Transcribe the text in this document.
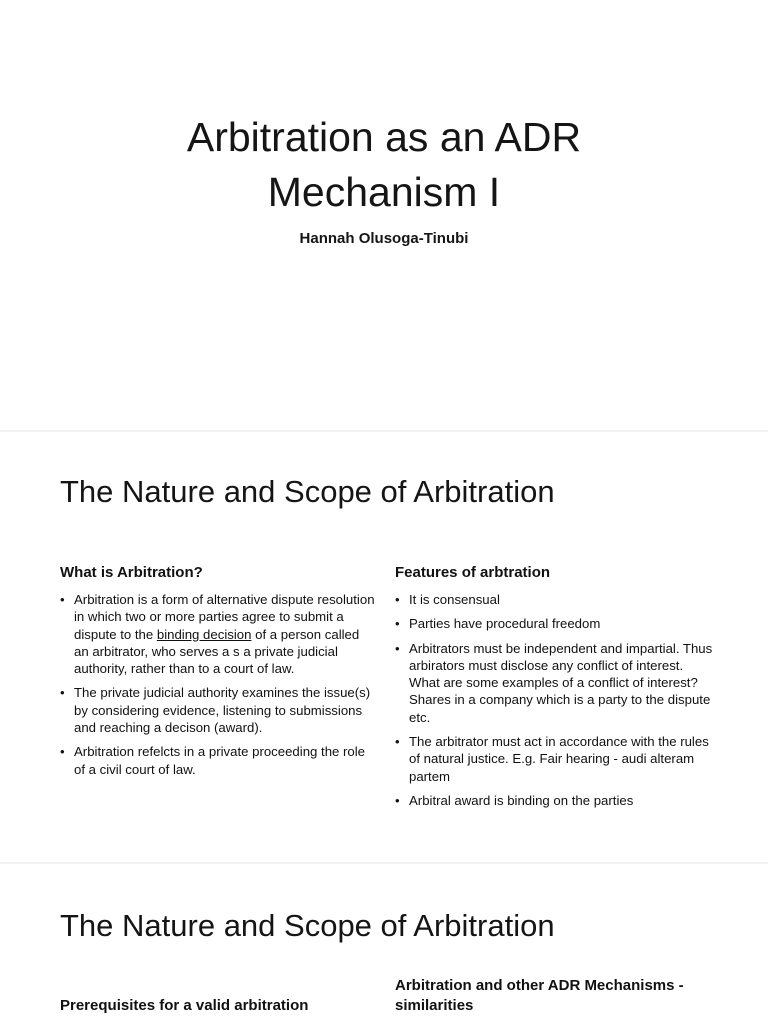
Arbitration as an ADR
Mechanism I
Hannah Olusoga-Tinubi
The Nature and Scope of Arbitration
What is Arbitration?
• Arbitration is a form of alternative dispute resolution in which two or more parties agree to submit a dispute to the binding decision of a person called an arbitrator, who serves a s a private judicial authority, rather than to a court of law.
• The private judicial authority examines the issue(s) by considering evidence, listening to submissions and reaching a decison (award).
• Arbitration refelcts in a private proceeding the role of a civil court of law.
Features of arbtration
• It is consensual
• Parties have procedural freedom
• Arbitrators must be independent and impartial. Thus arbirators must disclose any conflict of interest. What are some examples of a conflict of interest? Shares in a company which is a party to the dispute etc.
• The arbitrator must act in accordance with the rules of natural justice. E.g. Fair hearing - audi alteram partem
• Arbitral award is binding on the parties
The Nature and Scope of Arbitration
Prerequisites for a valid arbitration
Arbitration and other ADR Mechanisms - similarities
